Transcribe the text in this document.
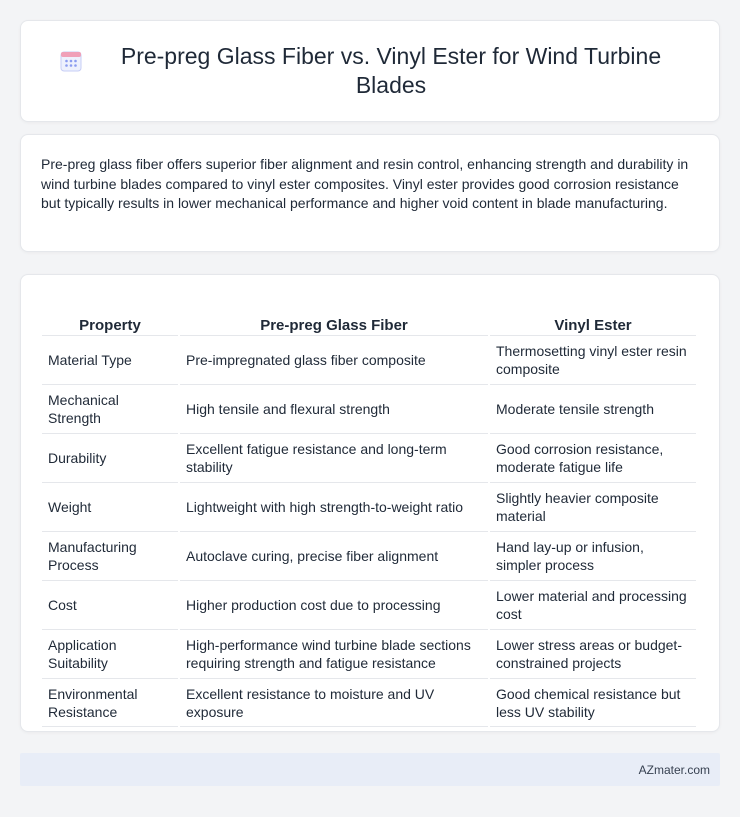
Pre-preg Glass Fiber vs. Vinyl Ester for Wind Turbine Blades

Pre-preg glass fiber offers superior fiber alignment and resin control, enhancing strength and durability in wind turbine blades compared to vinyl ester composites. Vinyl ester provides good corrosion resistance but typically results in lower mechanical performance and higher void content in blade manufacturing.

Property	Pre-preg Glass Fiber	Vinyl Ester
Material Type	Pre-impregnated glass fiber composite	Thermosetting vinyl ester resin composite
Mechanical Strength	High tensile and flexural strength	Moderate tensile strength
Durability	Excellent fatigue resistance and long-term stability	Good corrosion resistance, moderate fatigue life
Weight	Lightweight with high strength-to-weight ratio	Slightly heavier composite material
Manufacturing Process	Autoclave curing, precise fiber alignment	Hand lay-up or infusion, simpler process
Cost	Higher production cost due to processing	Lower material and processing cost
Application Suitability	High-performance wind turbine blade sections requiring strength and fatigue resistance	Lower stress areas or budget-constrained projects
Environmental Resistance	Excellent resistance to moisture and UV exposure	Good chemical resistance but less UV stability
AZmater.com
